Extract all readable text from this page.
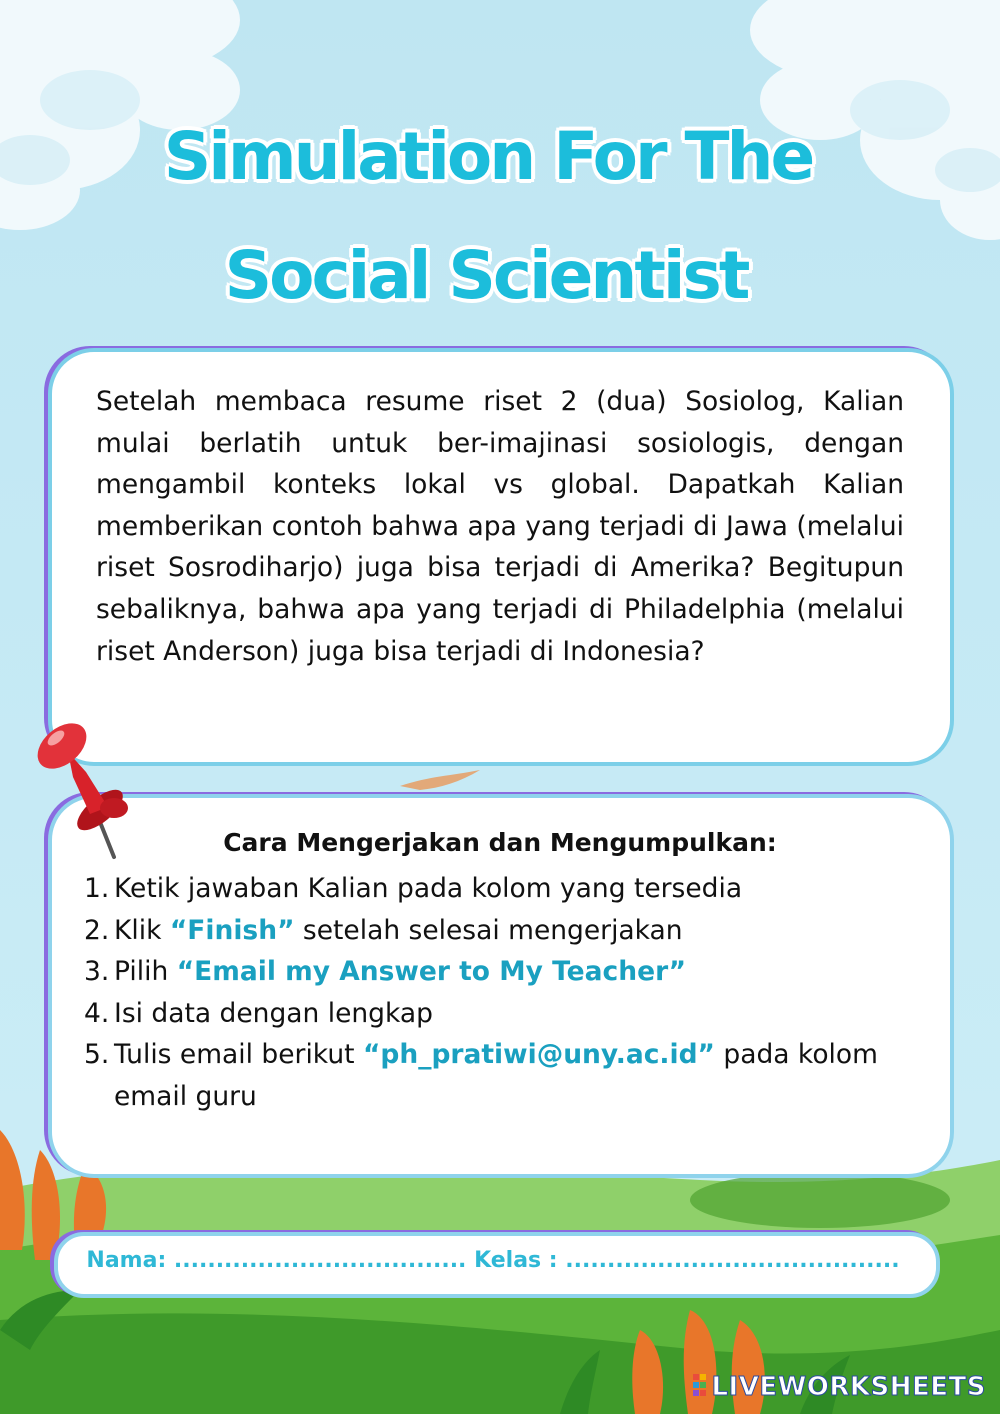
Simulation For The
Social Scientist
Setelah membaca resume riset 2 (dua) Sosiolog, Kalian mulai berlatih untuk ber-imajinasi sosiologis, dengan mengambil konteks lokal vs global. Dapatkah Kalian memberikan contoh bahwa apa yang terjadi di Jawa (melalui riset Sosrodiharjo) juga bisa terjadi di Amerika? Begitupun sebaliknya, bahwa apa yang terjadi di Philadelphia (melalui riset Anderson) juga bisa terjadi di Indonesia?
Cara Mengerjakan dan Mengumpulkan:
1. Ketik jawaban Kalian pada kolom yang tersedia
2. Klik “Finish” setelah selesai mengerjakan
3. Pilih “Email my Answer to My Teacher”
4. Isi data dengan lengkap
5. Tulis email berikut “ph_pratiwi@uny.ac.id” pada kolom email guru
Nama: ................................... Kelas : ........................................
LIVEWORKSHEETS
